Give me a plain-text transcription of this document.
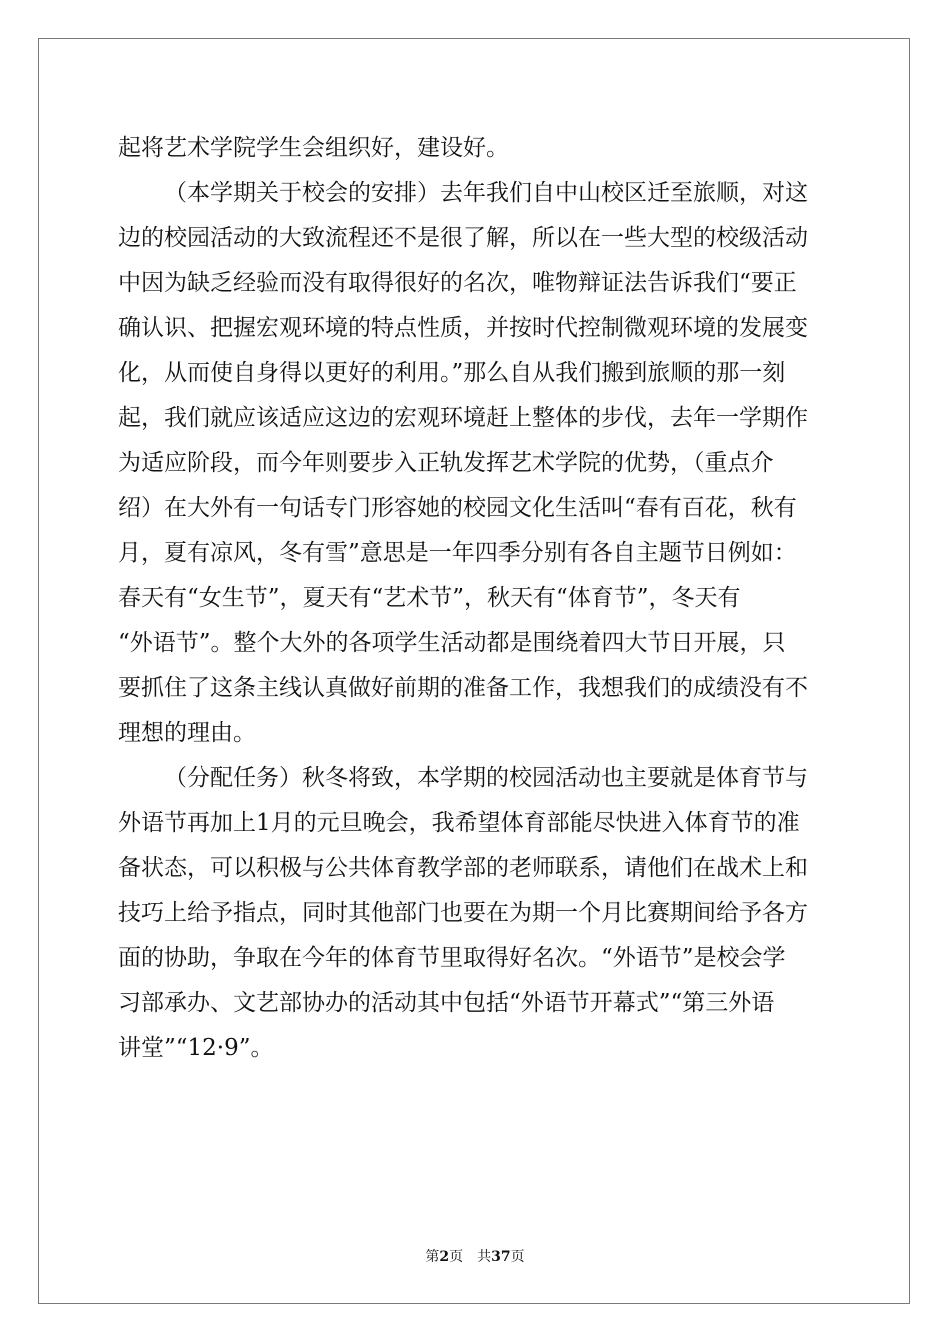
起将艺术学院学生会组织好，建设好。
（本学期关于校会的安排）去年我们自中山校区迁至旅顺，对这
边的校园活动的大致流程还不是很了解，所以在一些大型的校级活动
中因为缺乏经验而没有取得很好的名次，唯物辩证法告诉我们“要正
确认识、把握宏观环境的特点性质，并按时代控制微观环境的发展变
化，从而使自身得以更好的利用。”那么自从我们搬到旅顺的那一刻
起，我们就应该适应这边的宏观环境赶上整体的步伐，去年一学期作
为适应阶段，而今年则要步入正轨发挥艺术学院的优势，（重点介
绍）在大外有一句话专门形容她的校园文化生活叫“春有百花，秋有
月，夏有凉风，冬有雪”意思是一年四季分别有各自主题节日例如：
春天有“女生节”，夏天有“艺术节”，秋天有“体育节”，冬天有
“外语节”。整个大外的各项学生活动都是围绕着四大节日开展，只
要抓住了这条主线认真做好前期的准备工作，我想我们的成绩没有不
理想的理由。
（分配任务）秋冬将致，本学期的校园活动也主要就是体育节与
外语节再加上1月的元旦晚会，我希望体育部能尽快进入体育节的准
备状态，可以积极与公共体育教学部的老师联系，请他们在战术上和
技巧上给予指点，同时其他部门也要在为期一个月比赛期间给予各方
面的协助，争取在今年的体育节里取得好名次。“外语节”是校会学
习部承办、文艺部协办的活动其中包括“外语节开幕式”“第三外语
讲堂”“12·9”。
第2页 共37页
